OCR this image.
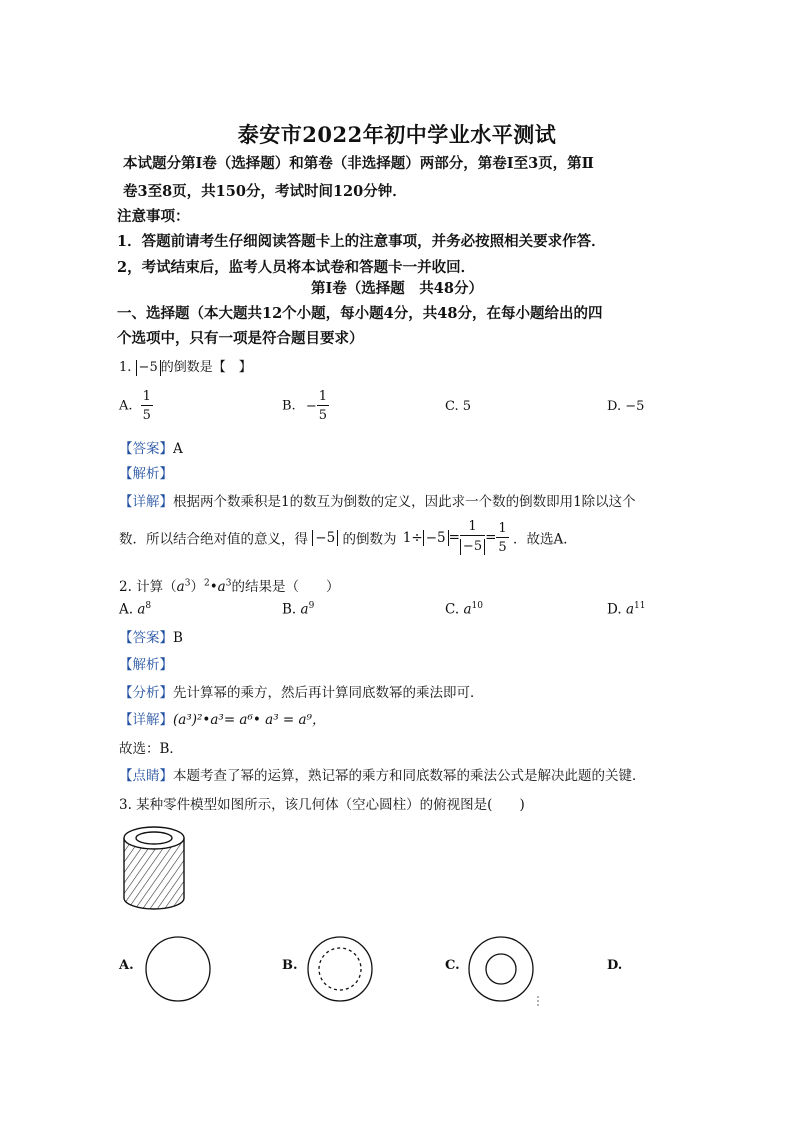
泰安市2022年初中学业水平测试
本试题分第Ⅰ卷（选择题）和第卷（非选择题）两部分，第卷Ⅰ至3页，第Ⅱ
卷3至8页，共150分，考试时间120分钟．
注意事项：
1．答题前请考生仔细阅读答题卡上的注意事项，并务必按照相关要求作答．
2，考试结束后，监考人员将本试卷和答题卡一并收回．
第Ⅰ卷（选择题　共48分）
一、选择题（本大题共12个小题，每小题4分，共48分，在每小题给出的四
个选项中，只有一项是符合题目要求）
1. −5 的倒数是【　】
A. $\frac{1}{5}$	B. − $\frac{1}{5}$	C. 5	D. −5
【答案】A
【解析】
【详解】根据两个数乘积是1的数互为倒数的定义，因此求一个数的倒数即用1除以这个
数．所以结合绝对值的意义，得 −5 的倒数为 $1\div -5 = \frac{1}{-5} = \frac{1}{5}$ ．故选A．
2. 计算$(a^3)^2•a^3$的结果是（　　）
A. $a^8$	B. $a^9$	C. $a^{10}$	D. $a^{11}$
【答案】B
【解析】
【分析】先计算幂的乘方，然后再计算同底数幂的乘法即可．
【详解】(a³)²•a³= a⁶• a³ = a⁹，
故选：B．
【点睛】本题考查了幂的运算，熟记幂的乘方和同底数幂的乘法公式是解决此题的关键．
3. 某种零件模型如图所示，该几何体（空心圆柱）的俯视图是(　　)
A.	B.	C.	D.
